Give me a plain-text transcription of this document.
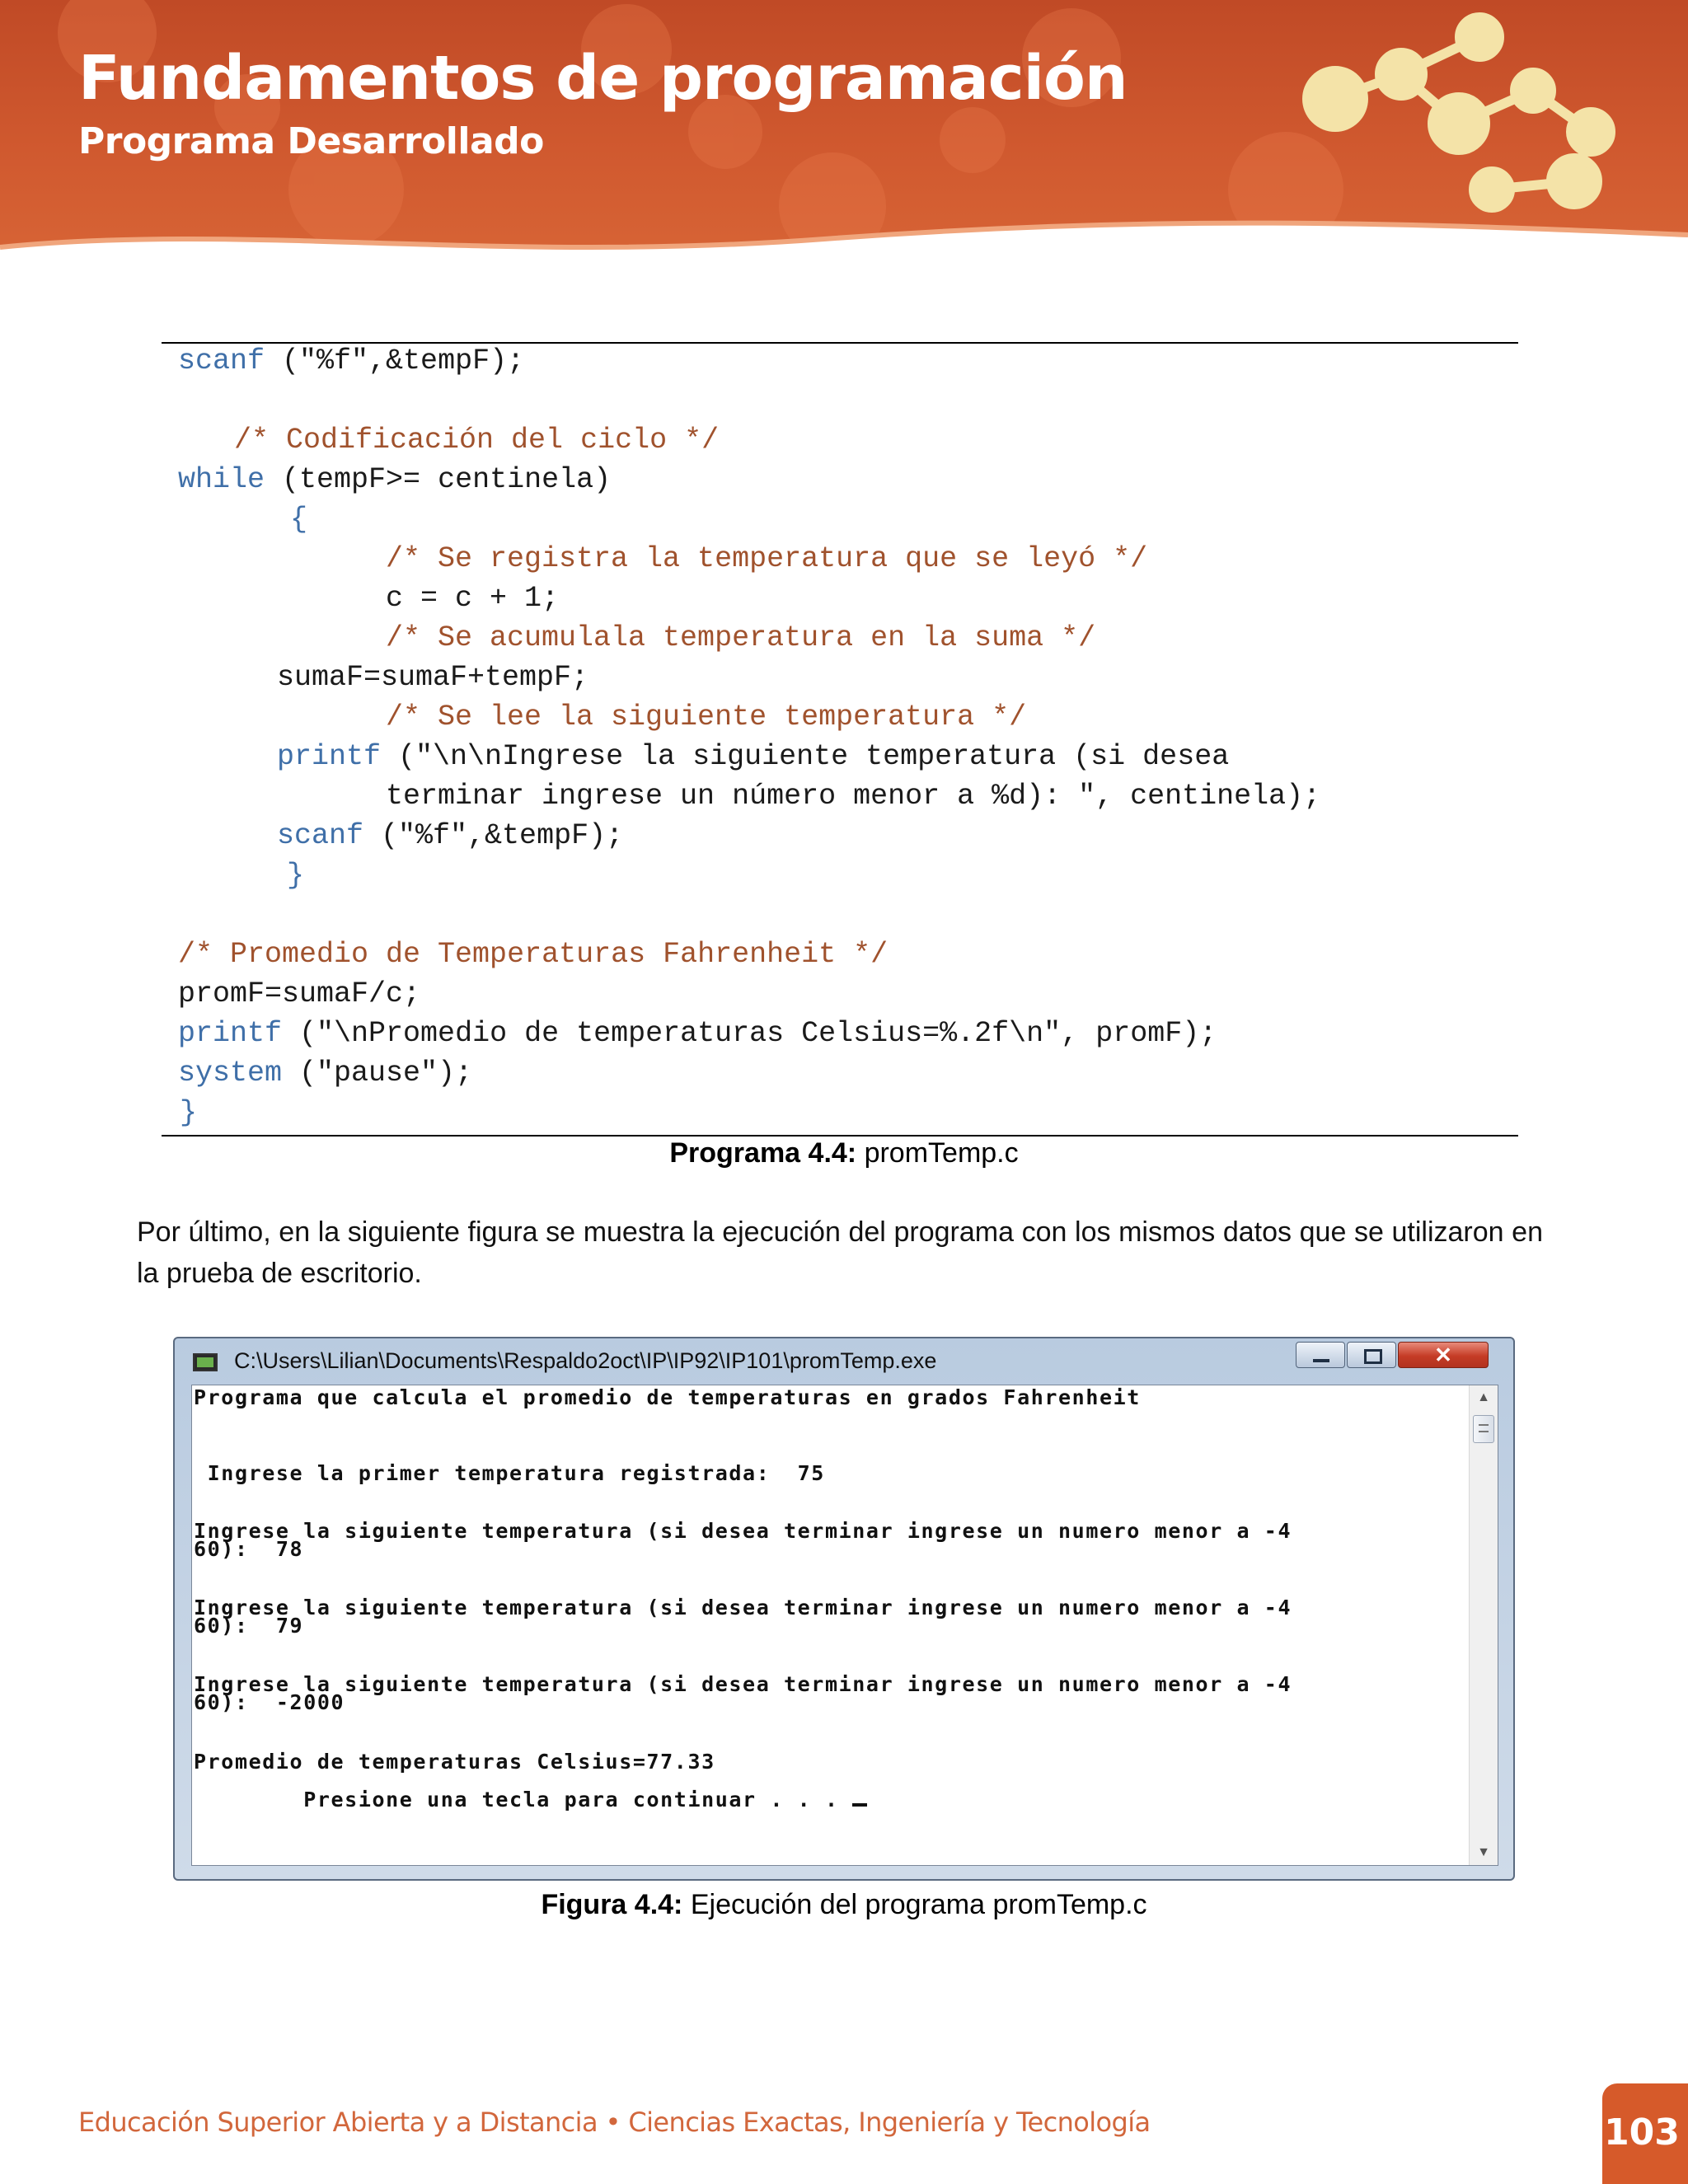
Fundamentos de programación
Programa Desarrollado
scanf ("%f",&tempF);
/* Codificación del ciclo */
while (tempF>= centinela)
{
/* Se registra la temperatura que se leyó */
c = c + 1;
/* Se acumulala temperatura en la suma */
sumaF=sumaF+tempF;
/* Se lee la siguiente temperatura */
printf ("\n\nIngrese la siguiente temperatura (si desea
terminar ingrese un número menor a %d): ", centinela);
scanf ("%f",&tempF);
}
/* Promedio de Temperaturas Fahrenheit */
promF=sumaF/c;
printf ("\nPromedio de temperaturas Celsius=%.2f\n", promF);
system ("pause");
}
Programa 4.4: promTemp.c
Por último, en la siguiente figura se muestra la ejecución del programa con los mismos datos que se utilizaron en la prueba de escritorio.
C:\Users\Lilian\Documents\Respaldo2oct\IP\IP92\IP101\promTemp.exe	✕
Programa que calcula el promedio de temperaturas en grados Fahrenheit
Ingrese la primer temperatura registrada:  75
Ingrese la siguiente temperatura (si desea terminar ingrese un numero menor a -4
60):  78
Ingrese la siguiente temperatura (si desea terminar ingrese un numero menor a -4
60):  79
Ingrese la siguiente temperatura (si desea terminar ingrese un numero menor a -4
60):  -2000
Promedio de temperaturas Celsius=77.33
Presione una tecla para continuar . . .
▲
▼
Figura 4.4: Ejecución del programa promTemp.c
Educación Superior Abierta y a Distancia • Ciencias Exactas, Ingeniería y Tecnología	103
